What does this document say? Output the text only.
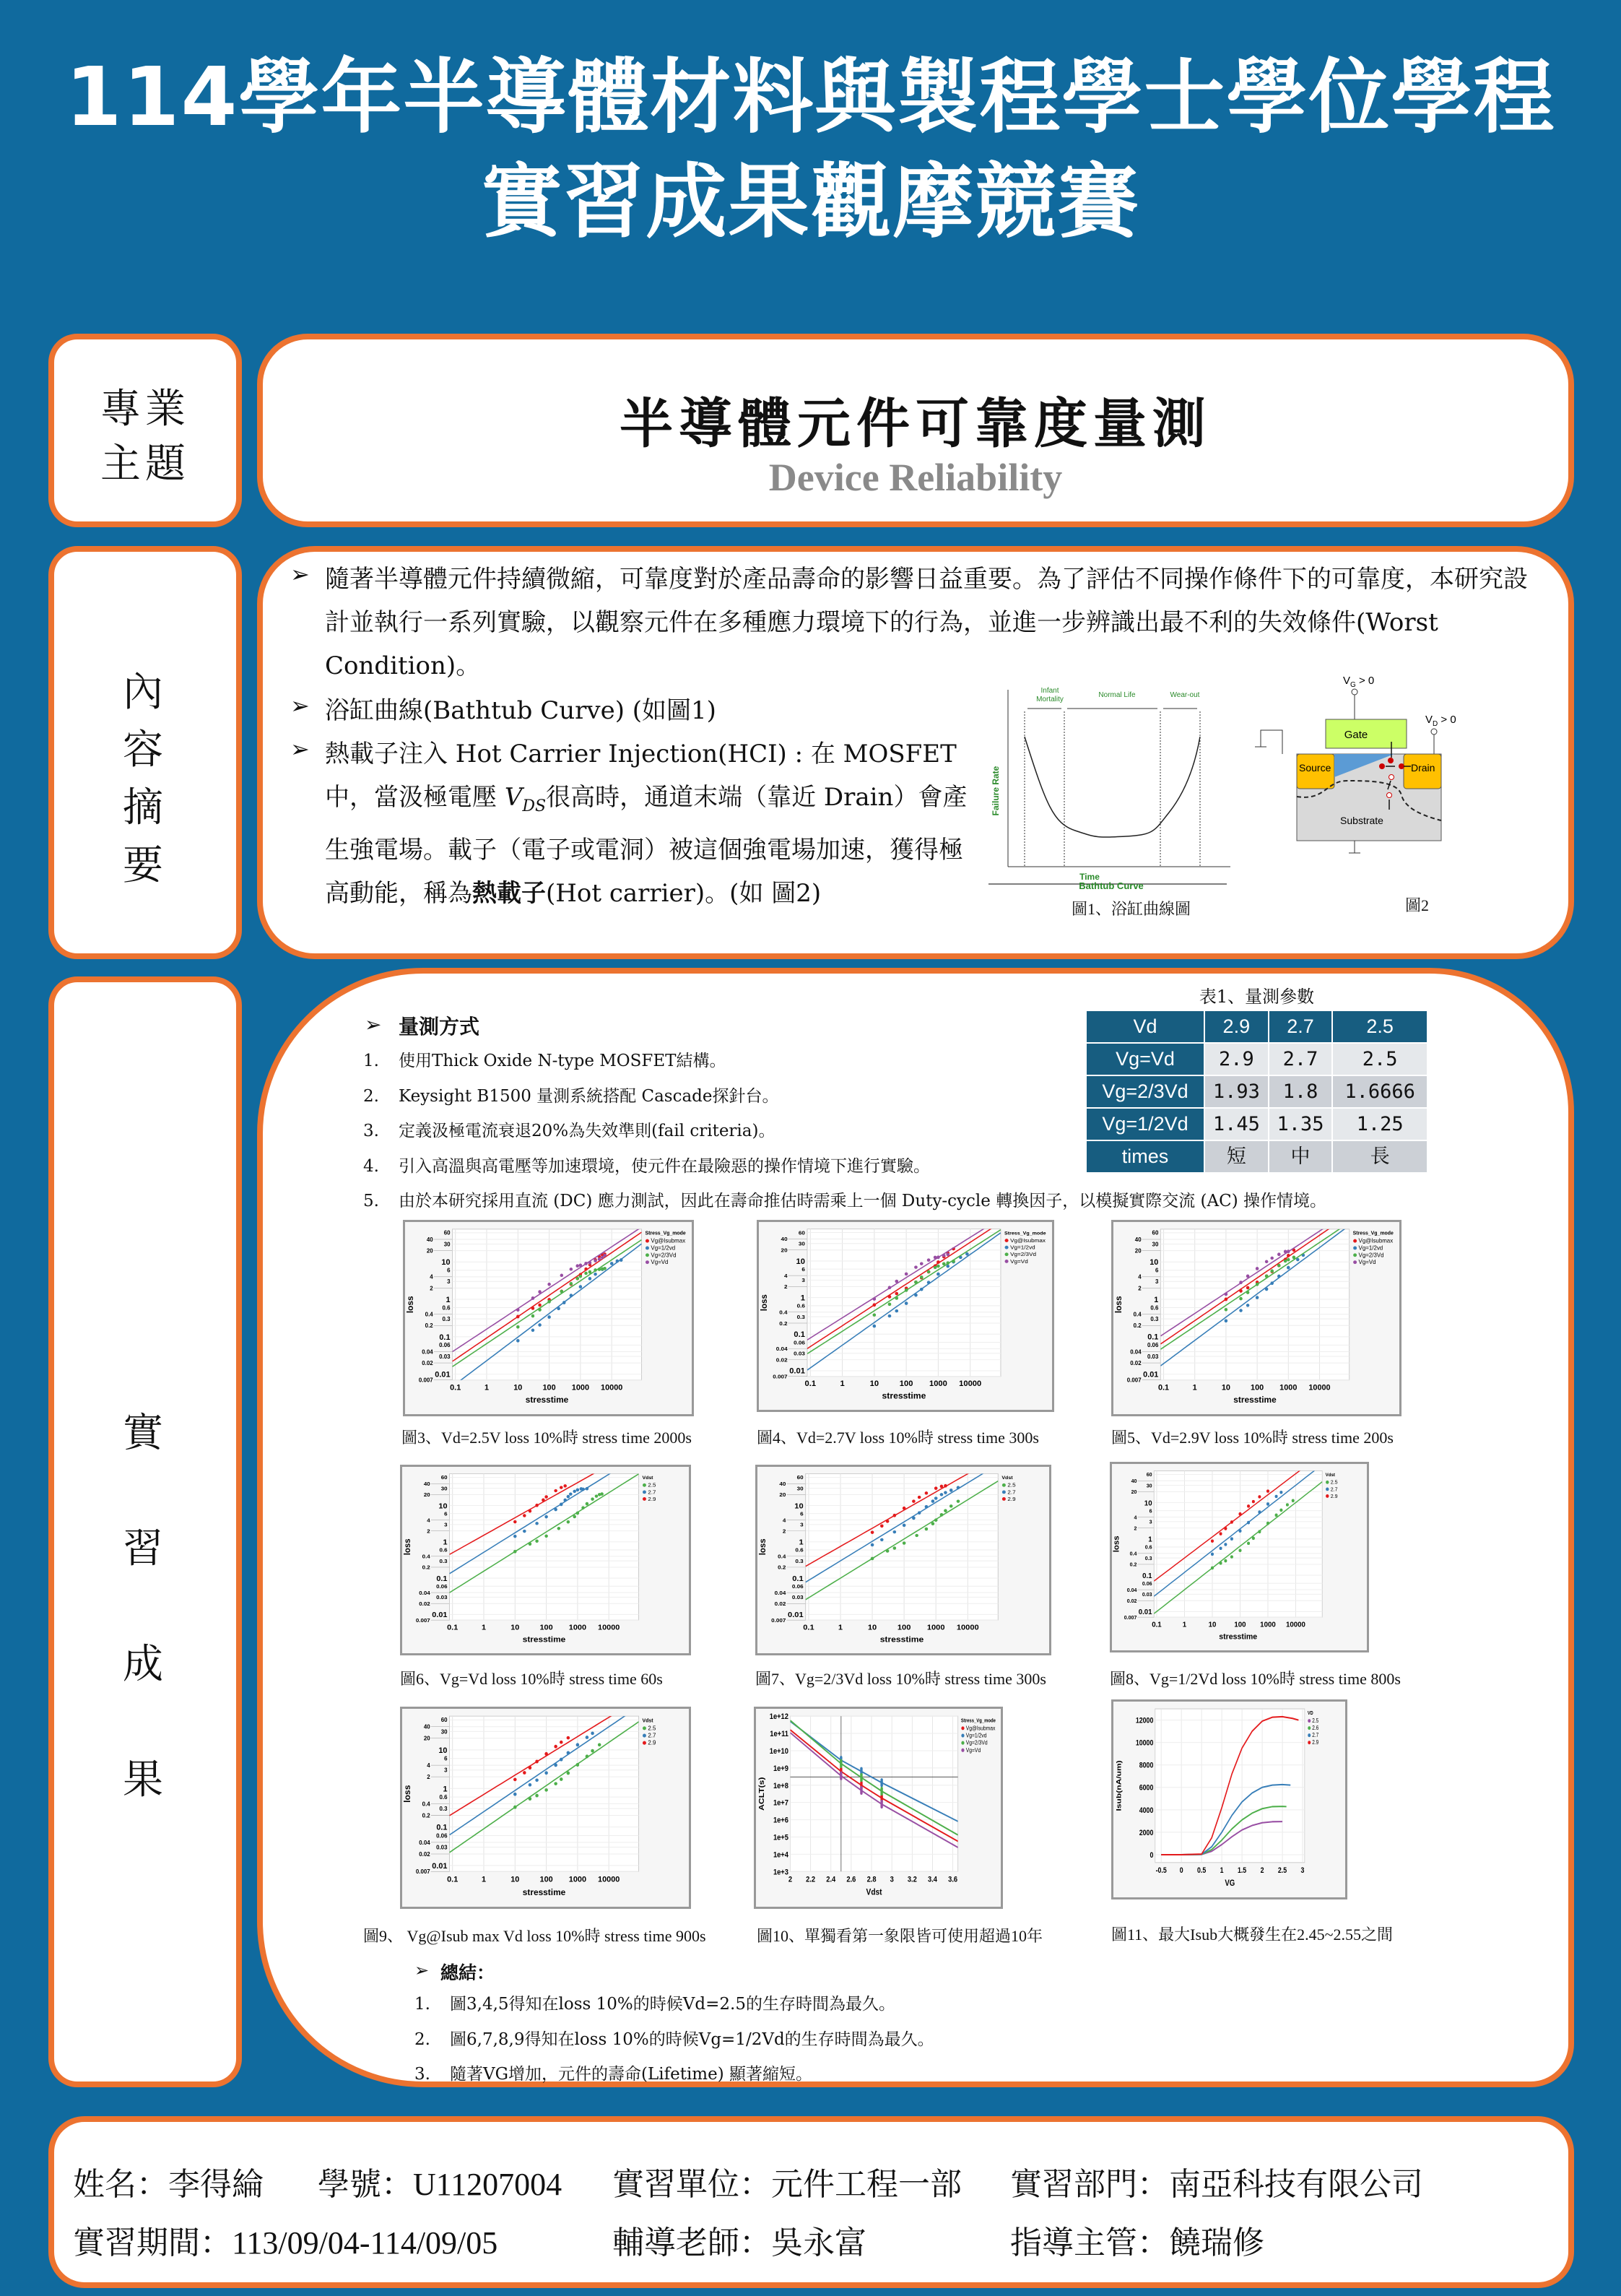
114學年半導體材料與製程學士學位學程
實習成果觀摩競賽
專業
主題
半導體元件可靠度量測
Device Reliability
內
容
摘
要
➢ 隨著半導體元件持續微縮，可靠度對於產品壽命的影響日益重要。為了評估不同操作條件下的可靠度，本研究設計並執行一系列實驗，以觀察元件在多種應力環境下的行為，並進一步辨識出最不利的失效條件(Worst Condition)。
➢ 浴缸曲線(Bathtub Curve) (如圖1)
➢ 熱載子注入 Hot Carrier Injection(HCI) : 在 MOSFET 中，當汲極電壓 $V_{DS}$很高時，通道末端（靠近 Drain）會產生強電場。載子（電子或電洞）被這個強電場加速，獲得極高動能，稱為熱載子(Hot carrier)。(如 圖2)
Infant
Mortality
Normal Life	Wear-out
Failure Rate
Time
Bathtub Curve
圖1、浴缸曲線圖
$V_G > 0$
$V_D > 0$
Gate
Source	Drain
Substrate
圖2
實
習
成
果
➢ 量測方式
1. 使用Thick Oxide N-type MOSFET結構。
2. Keysight B1500 量測系統搭配 Cascade探針台。
3. 定義汲極電流衰退20%為失效準則(fail criteria)。
4. 引入高溫與高電壓等加速環境，使元件在最險惡的操作情境下進行實驗。
5. 由於本研究採用直流 (DC) 應力測試，因此在壽命推估時需乘上一個 Duty-cycle 轉換因子，以模擬實際交流 (AC) 操作情境。
表1、量測參數
Vd	2.9	2.7	2.5
Vg=Vd	2.9	2.7	2.5
Vg=2/3Vd	1.93	1.8	1.6666
Vg=1/2Vd	1.45	1.35	1.25
times	短	中	長
0.1	1	10	100 1000 10000
60
40
30
20
10
6
4
3
2
1
0.6
0.4
0.3
0.2
0.1
0.06
0.04
0.03
0.02
0.01
0.007
stresstime
loss
Stress_Vg_mode
Vg@Isubmax
Vg=1/2vd
Vg=2/3Vd
Vg=Vd
0.1	1	10	100 1000 10000
60
40
30
20
10
6
4
3
2
1
0.6
0.4
0.3
0.2
0.1
0.06
0.04
0.03
0.02
0.01
0.007
stresstime
loss
Stress_Vg_mode
Vg@Isubmax
Vg=1/2vd
Vg=2/3Vd
Vg=Vd
0.1	1	10	100 1000 10000
60
40
30
20
10
6
4
3
2
1
0.6
0.4
0.3
0.2
0.1
0.06
0.04
0.03
0.02
0.01
0.007
stresstime
loss
Stress_Vg_mode
Vg@Isubmax
Vg=1/2vd
Vg=2/3Vd
Vg=Vd
0.1	1	10	100 1000 10000
60
40
30
20
10
6
4
3
2
1
0.6
0.4
0.3
0.2
0.1
0.06
0.04
0.03
0.02
0.01
0.007
stresstime
loss
Vdst
2.5
2.7
2.9
0.1	1	10	100 1000 10000
60
40
30
20
10
6
4
3
2
1
0.6
0.4
0.3
0.2
0.1
0.06
0.04
0.03
0.02
0.01
0.007
stresstime
loss
Vdst
2.5
2.7
2.9
0.1	1	10 100 1000 10000
60
40
30
20
10
6
4
3
2
1
0.6
0.4
0.3
0.2
0.1
0.06
0.04
0.03
0.02
0.01
0.007
stresstime
loss
Vdst
2.5
2.7
2.9
0.1	1	10	100 1000 10000
60
40
30
20
10
6
4
3
2
1
0.6
0.4
0.3
0.2
0.1
0.06
0.04
0.03
0.02
0.01
0.007
stresstime
loss
Vdst
2.5
2.7
2.9
2 2.2 2.4 2.6 2.8 3 3.2 3.4 3.6
1e+12
1e+11
1e+10
1e+9
1e+8
1e+7
1e+6
1e+5
1e+4
1e+3
Vdst
ACLT(s)
Stress_Vg_mode
Vg@Isubmax
Vg=1/2vd
Vg=2/3Vd
Vg=Vd
-0.5 0 0.5 1 1.5 2 2.5 3
12000
10000
8000
6000
4000
2000
0
VG
Isub(nA/um)
VD
2.5
2.6
2.7
2.9
圖3、Vd=2.5V loss 10%時 stress time 2000s	圖4、Vd=2.7V loss 10%時 stress time 300s	圖5、Vd=2.9V loss 10%時 stress time 200s
圖6、Vg=Vd loss 10%時 stress time 60s	圖7、Vg=2/3Vd loss 10%時 stress time 300s	圖8、Vg=1/2Vd loss 10%時 stress time 800s
圖9、 Vg@Isub max Vd loss 10%時 stress time 900s	圖10、單獨看第一象限皆可使用超過10年	圖11、最大Isub大概發生在2.45~2.55之間
➢ 總結：
1. 圖3,4,5得知在loss 10%的時候Vd=2.5的生存時間為最久。
2. 圖6,7,8,9得知在loss 10%的時候Vg=1/2Vd的生存時間為最久。
3. 隨著VG增加，元件的壽命(Lifetime) 顯著縮短。
姓名：李得綸 學號：U11207004 實習單位：元件工程一部 實習部門：南亞科技有限公司
實習期間：113/09/04-114/09/05	輔導老師：吳永富	指導主管：饒瑞修
